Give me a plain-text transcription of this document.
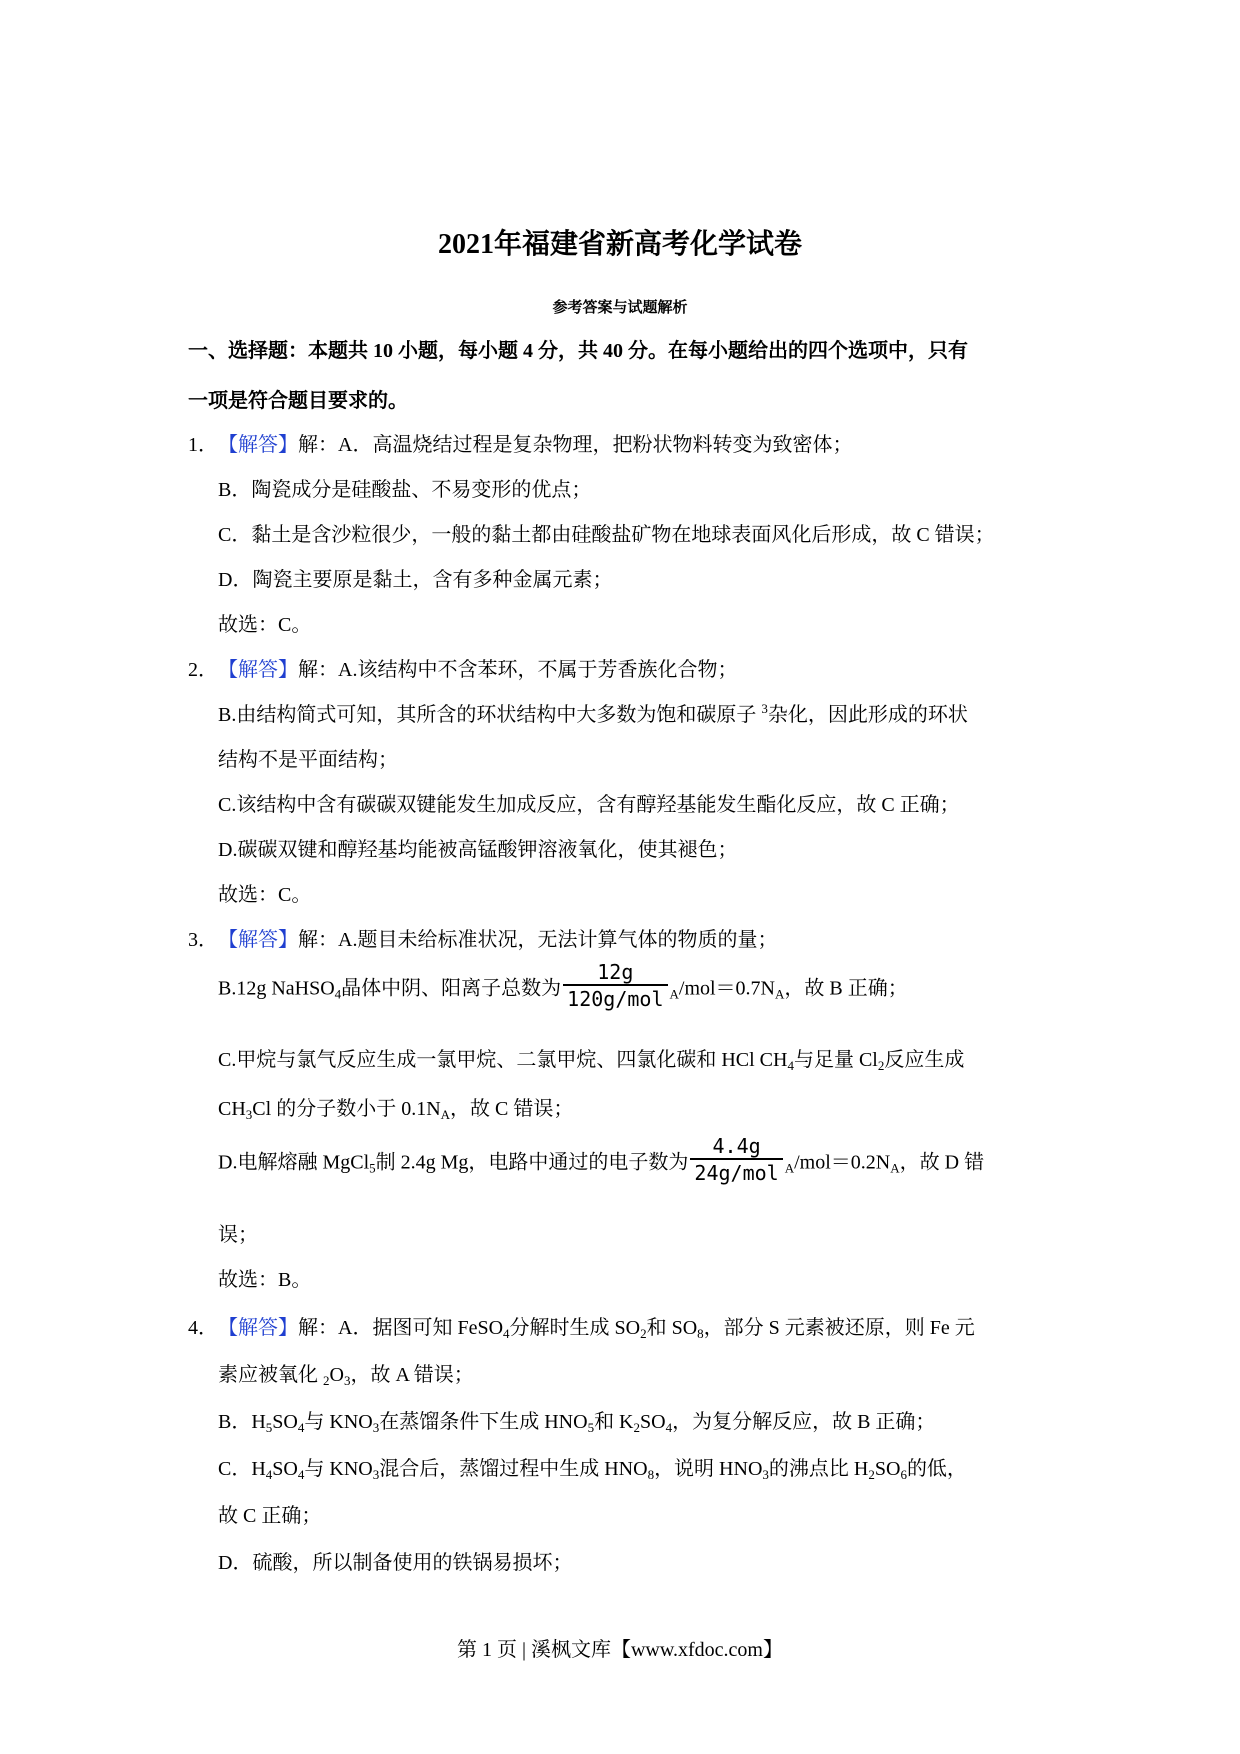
2021年福建省新高考化学试卷
参考答案与试题解析
一、选择题：本题共 10 小题，每小题 4 分，共 40 分。在每小题给出的四个选项中，只有
一项是符合题目要求的。
1． 【解答】解：A．高温烧结过程是复杂物理，把粉状物料转变为致密体；
B．陶瓷成分是硅酸盐、不易变形的优点；
C．黏土是含沙粒很少，一般的黏土都由硅酸盐矿物在地球表面风化后形成，故 C 错误；
D．陶瓷主要原是黏土，含有多种金属元素；
故选：C。
2． 【解答】解：A.该结构中不含苯环，不属于芳香族化合物；
B.由结构简式可知，其所含的环状结构中大多数为饱和碳原子 $^3$杂化，因此形成的环状
结构不是平面结构；
C.该结构中含有碳碳双键能发生加成反应，含有醇羟基能发生酯化反应，故 C 正确；
D.碳碳双键和醇羟基均能被高锰酸钾溶液氧化，使其褪色；
故选：C。
3． 【解答】解：A.题目未给标准状况，无法计算气体的物质的量；
B.12g NaHSO$_4$晶体中阴、阳离子总数为 $\frac{12g}{\text{120g/mol}} _A/mol=0.7N_A$，故 B 正确；
C.甲烷与氯气反应生成一氯甲烷、二氯甲烷、四氯化碳和 HCl $CH_4$与足量 $Cl_2$反应生成
$CH_3Cl$ 的分子数小于 $0.1N_A$，故 C 错误；
D.电解熔融 MgCl$_5$制 2.4g Mg，电路中通过的电子数为 $\frac{4.4g}{\text{24g/mol}} _A/mol=0.2N_A$，故 D 错
误；
故选：B。
4． 【解答】解：A．据图可知 FeSO$_4$分解时生成 $SO_2$和 $SO_8$，部分 S 元素被还原，则 Fe 元
素应被氧化 $_2O_3$，故 A 错误；
B．$H_5SO_4$与 $KNO_3$在蒸馏条件下生成 $HNO_5$和 $K_2SO_4$，为复分解反应，故 B 正确；
C．$H_4SO_4$与 $KNO_3$混合后，蒸馏过程中生成 $HNO_8$，说明 $HNO_3$的沸点比 $H_2SO_6$的低，
故 C 正确；
D．硫酸，所以制备使用的铁锅易损坏；
第 1 页 | 溪枫文库【www.xfdoc.com】
